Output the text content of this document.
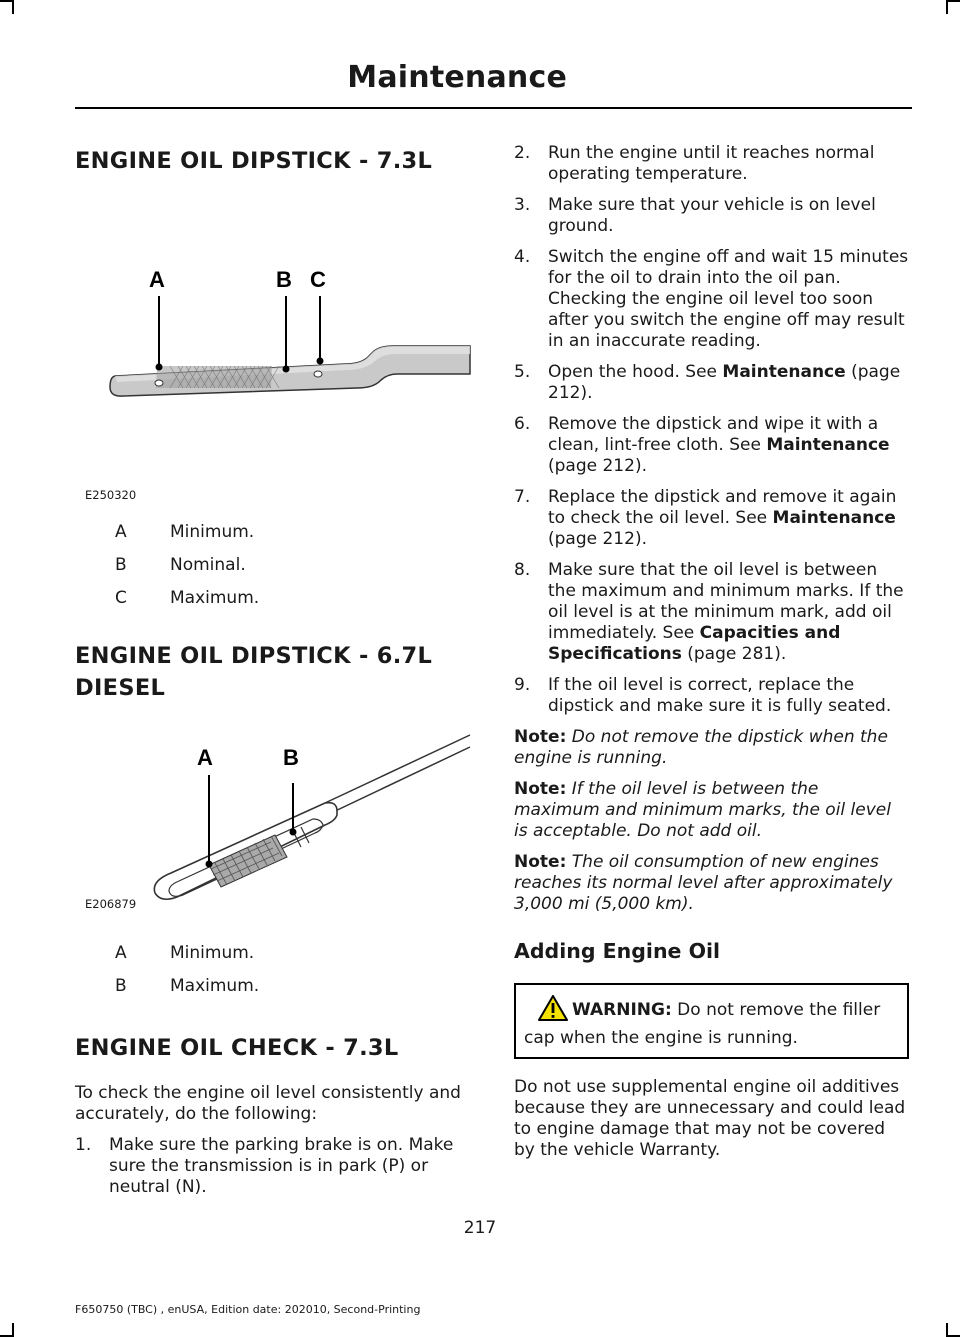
Maintenance
ENGINE OIL DIPSTICK - 7.3L
A	B C
E250320
A	Minimum.
B	Nominal.
C	Maximum.
ENGINE OIL DIPSTICK - 6.7L
DIESEL
A	B
E206879
A	Minimum.
B	Maximum.
ENGINE OIL CHECK - 7.3L

To check the engine oil level consistently and accurately, do the following:

1. Make sure the parking brake is on. Make sure the transmission is in park (P) or neutral (N).
2. Run the engine until it reaches normal operating temperature.
3. Make sure that your vehicle is on level ground.
4. Switch the engine off and wait 15 minutes for the oil to drain into the oil pan. Checking the engine oil level too soon after you switch the engine off may result in an inaccurate reading.
5. Open the hood. See Maintenance (page 212).
6. Remove the dipstick and wipe it with a clean, lint-free cloth. See Maintenance (page 212).
7. Replace the dipstick and remove it again to check the oil level. See Maintenance (page 212).
8. Make sure that the oil level is between the maximum and minimum marks. If the oil level is at the minimum mark, add oil immediately. See Capacities and Specifications (page 281).
9. If the oil level is correct, replace the dipstick and make sure it is fully seated.

Note: Do not remove the dipstick when the engine is running.

Note: If the oil level is between the maximum and minimum marks, the oil level is acceptable. Do not add oil.

Note: The oil consumption of new engines reaches its normal level after approximately 3,000 mi (5,000 km).

Adding Engine Oil
WARNING: Do not remove the filler cap when the engine is running.

Do not use supplemental engine oil additives because they are unnecessary and could lead to engine damage that may not be covered by the vehicle Warranty.

217
F650750 (TBC) , enUSA, Edition date: 202010, Second-Printing
